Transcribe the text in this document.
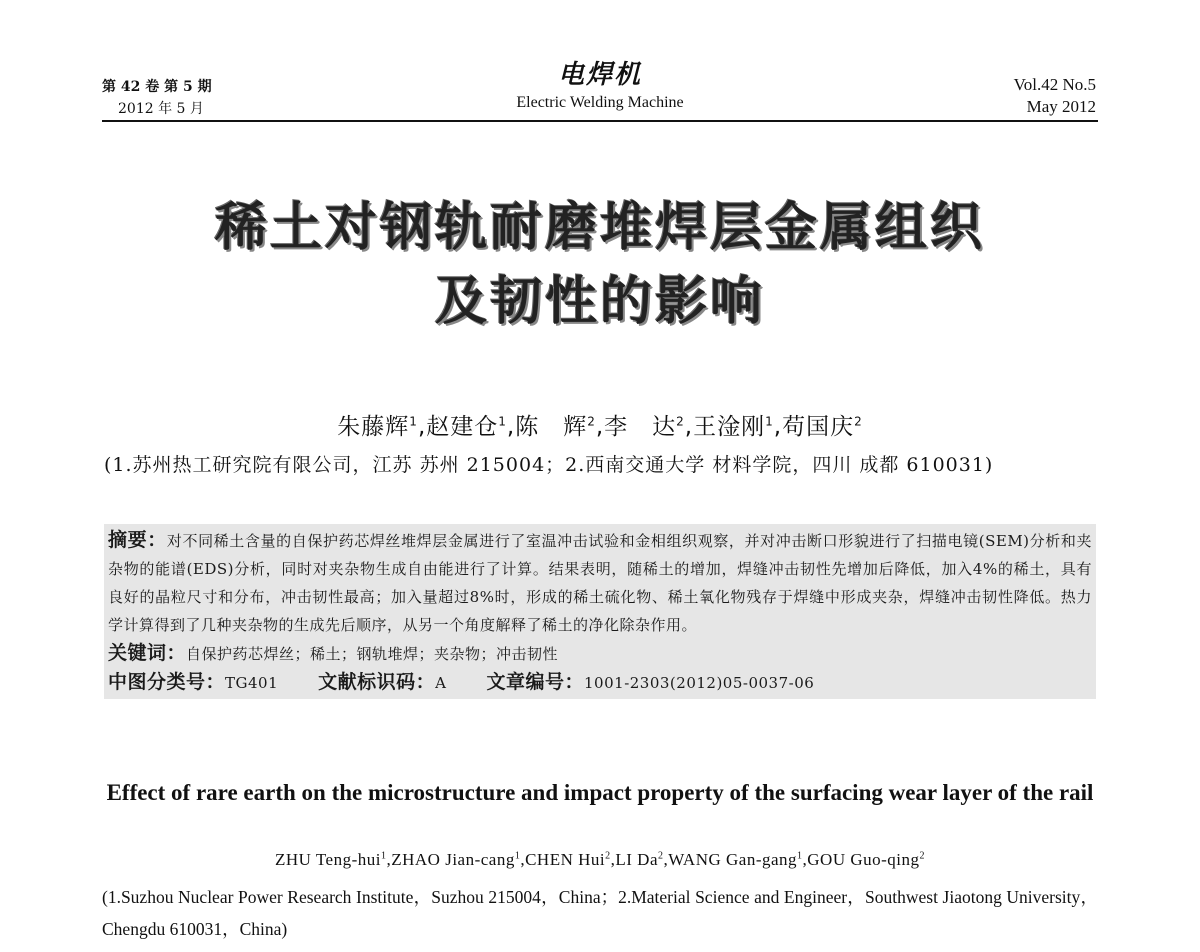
第 42 卷 第 5 期
2012 年 5 月
电焊机
Electric Welding Machine
Vol.42 No.5
May 2012
稀土对钢轨耐磨堆焊层金属组织
及韧性的影响
朱藤辉$^1$,赵建仓$^1$,陈　辉$^2$,李　达$^2$,王淦刚$^1$,苟国庆$^2$
(1.苏州热工研究院有限公司，江苏 苏州 215004；2.西南交通大学 材料学院，四川 成都 610031)
摘要：对不同稀土含量的自保护药芯焊丝堆焊层金属进行了室温冲击试验和金相组织观察，并对冲击断口形貌进行了扫描电镜(SEM)分析和夹杂物的能谱(EDS)分析，同时对夹杂物生成自由能进行了计算。结果表明，随稀土的增加，焊缝冲击韧性先增加后降低，加入4%的稀土，具有良好的晶粒尺寸和分布，冲击韧性最高；加入量超过8%时，形成的稀土硫化物、稀土氧化物残存于焊缝中形成夹杂，焊缝冲击韧性降低。热力学计算得到了几种夹杂物的生成先后顺序，从另一个角度解释了稀土的净化除杂作用。
关键词：自保护药芯焊丝；稀土；钢轨堆焊；夹杂物；冲击韧性
中图分类号：TG401 文献标识码：A 文章编号：1001-2303(2012)05-0037-06
Effect of rare earth on the microstructure and impact property of the surfacing wear layer of the rail
ZHU Teng-hui$^1$,ZHAO Jian-cang$^1$,CHEN Hui$^2$,LI Da$^2$,WANG Gan-gang$^1$,GOU Guo-qing$^2$
(1.Suzhou Nuclear Power Research Institute，Suzhou 215004，China；2.Material Science and Engineer，Southwest Jiaotong University，Chengdu 610031，China)
